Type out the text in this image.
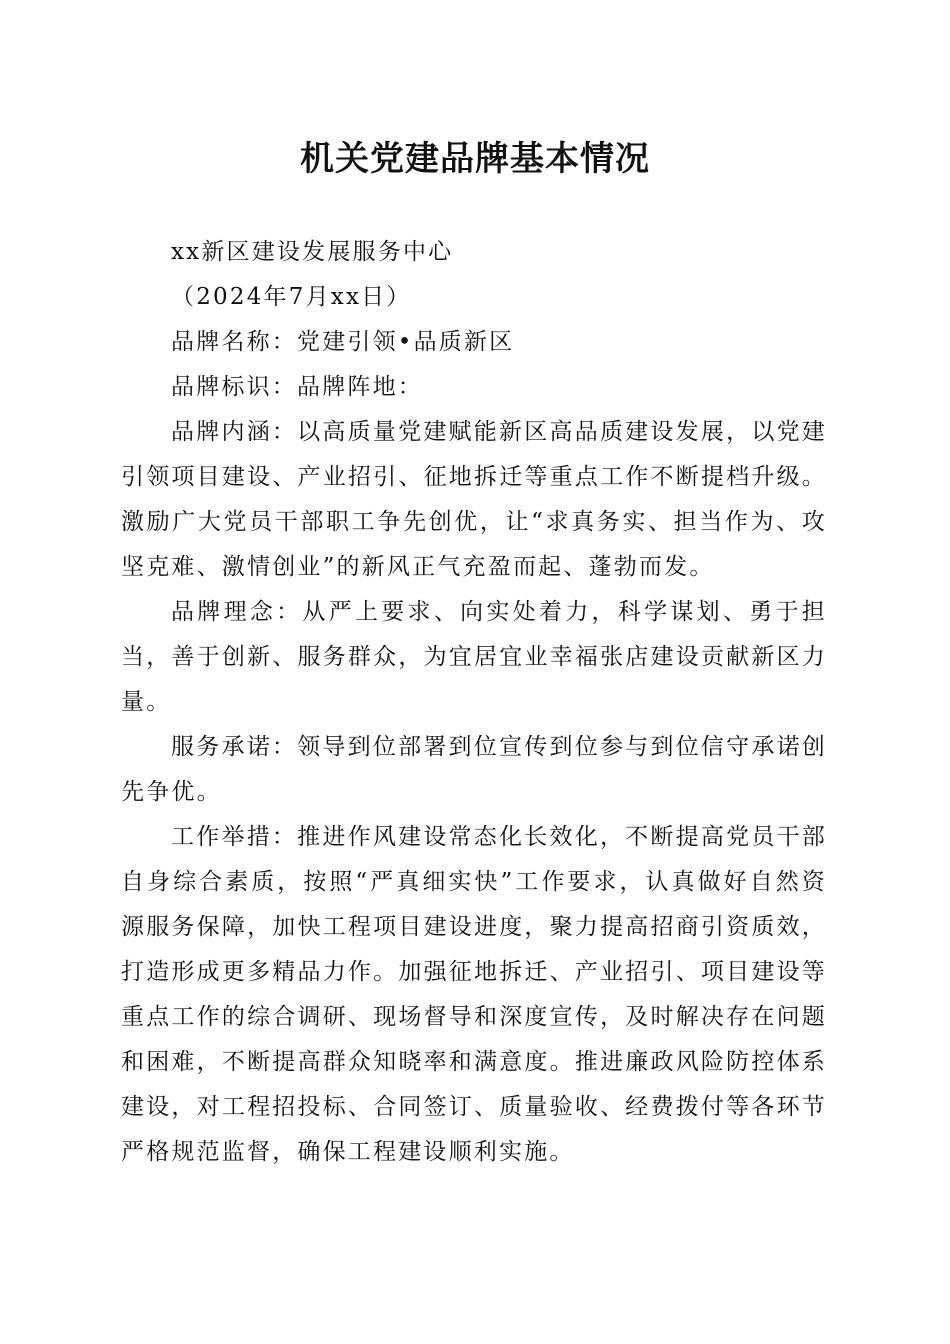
机关党建品牌基本情况

xx新区建设发展服务中心

（2024年7月xx日）

品牌名称：党建引领•品质新区

品牌标识：品牌阵地：

品牌内涵：以高质量党建赋能新区高品质建设发展，以党建引领项目建设、产业招引、征地拆迁等重点工作不断提档升级。激励广大党员干部职工争先创优，让“求真务实、担当作为、攻坚克难、激情创业”的新风正气充盈而起、蓬勃而发。

品牌理念：从严上要求、向实处着力，科学谋划、勇于担当，善于创新、服务群众，为宜居宜业幸福张店建设贡献新区力量。

服务承诺：领导到位部署到位宣传到位参与到位信守承诺创先争优。

工作举措：推进作风建设常态化长效化，不断提高党员干部自身综合素质，按照“严真细实快”工作要求，认真做好自然资源服务保障，加快工程项目建设进度，聚力提高招商引资质效，打造形成更多精品力作。加强征地拆迁、产业招引、项目建设等重点工作的综合调研、现场督导和深度宣传，及时解决存在问题和困难，不断提高群众知晓率和满意度。推进廉政风险防控体系建设，对工程招投标、合同签订、质量验收、经费拨付等各环节严格规范监督，确保工程建设顺利实施。
